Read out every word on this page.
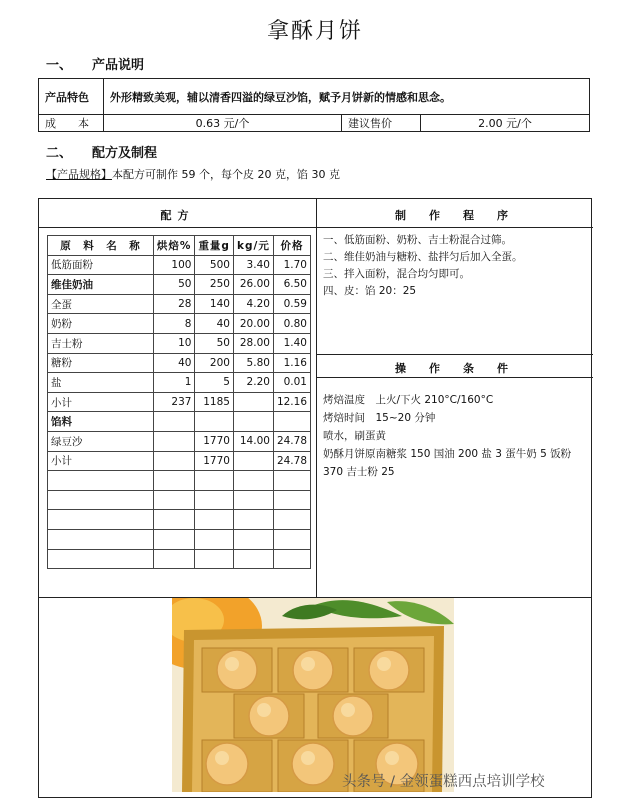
拿酥月饼
一、 产品说明
产品特色	外形精致美观，辅以清香四溢的绿豆沙馅，赋予月饼新的情感和思念。		
成　　本	0.63 元/个	建议售价	2.00 元/个
二、 配方及制程
【产品规格】本配方可制作 59 个，每个皮 20 克，馅 30 克
配方
原　料　名　称	烘焙%	重量g	kg/元	价格
低筋面粉	100	500	3.40	1.70
维佳奶油	50	250	26.00	6.50
全蛋	28	140	4.20	0.59
奶粉	8	40	20.00	0.80
吉士粉	10	50	28.00	1.40
糖粉	40	200	5.80	1.16
盐	1	5	2.20	0.01
小计	237	1185		12.16
馅料				
绿豆沙		1770	14.00	24.78
小计		1770		24.78

制　作　程　序
一、低筋面粉、奶粉、吉士粉混合过筛。
二、维佳奶油与糖粉、盐拌匀后加入全蛋。
三、拌入面粉，混合均匀即可。
四、皮：馅 20：25
操　作　条　件
烤焙温度　 上火/下火 210°C/160°C
烤焙时间　 15~20 分钟
喷水，刷蛋黄
奶酥月饼原南糖浆 150 国油 200 盐 3 蛋牛奶 5 饭粉 370 吉士粉 25
头条号 / 金领蛋糕西点培训学校
